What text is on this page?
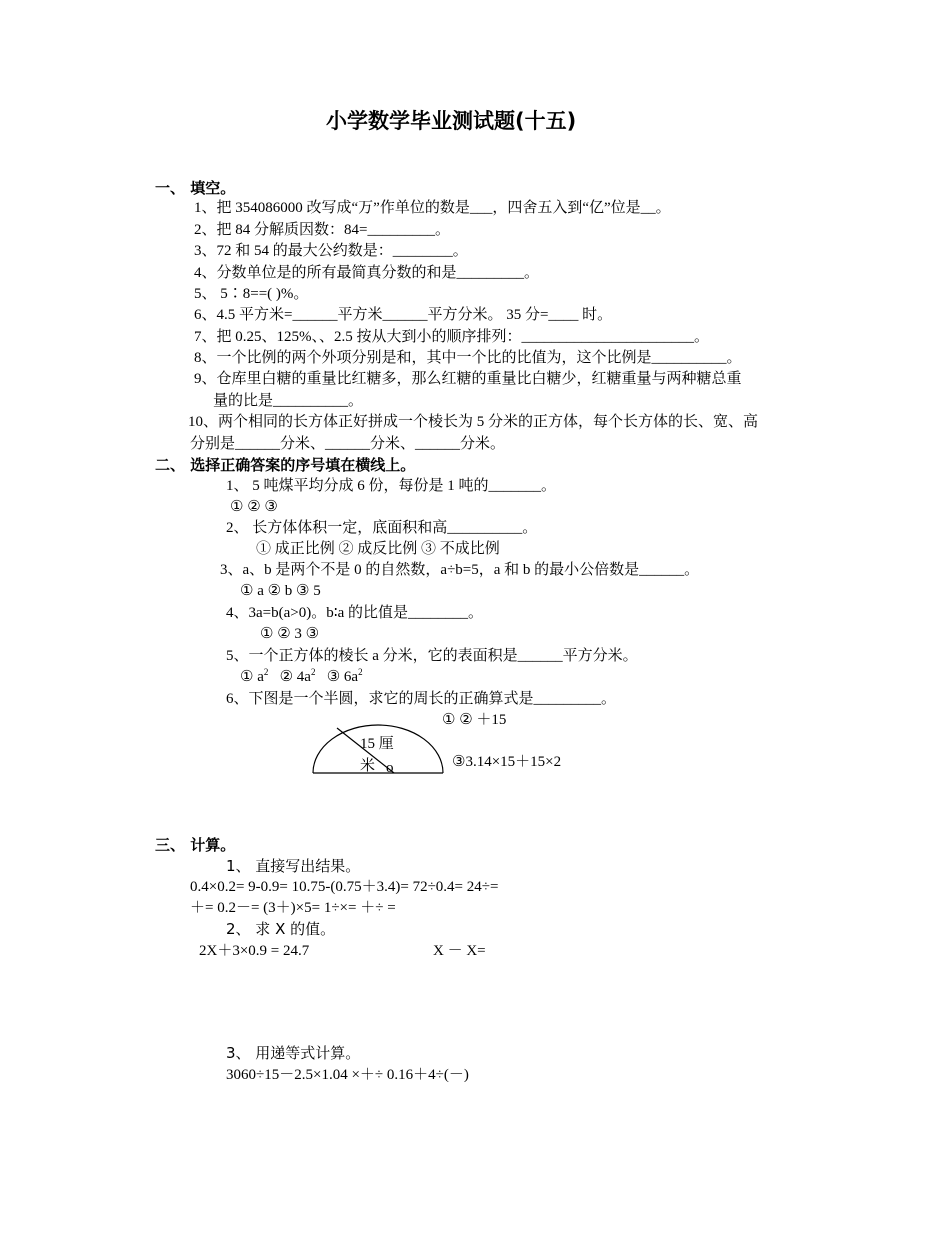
小学数学毕业测试题(十五)
一、 填空。
1、把 354086000 改写成“万”作单位的数是___，四舍五入到“亿”位是__。
2、把 84 分解质因数：84=_________。
3、72 和 54 的最大公约数是：________。
4、分数单位是的所有最简真分数的和是_________。
5、 5∶8==( )%。
6、4.5 平方米=______平方米______平方分米。 35 分=____ 时。
7、把 0.25、125%、、2.5 按从大到小的顺序排列：_______________________。
8、一个比例的两个外项分别是和，其中一个比的比值为，这个比例是__________。
9、仓库里白糖的重量比红糖多，那么红糖的重量比白糖少，红糖重量与两种糖总重
量的比是__________。
10、两个相同的长方体正好拼成一个棱长为 5 分米的正方体，每个长方体的长、宽、高
分别是______分米、______分米、______分米。
二、 选择正确答案的序号填在横线上。
1、 5 吨煤平均分成 6 份，每份是 1 吨的_______。
① ② ③
2、 长方体体积一定，底面积和高__________。
① 成正比例 ② 成反比例 ③ 不成比例
3、a、b 是两个不是 0 的自然数，a÷b=5，a 和 b 的最小公倍数是______。
① a ② b ③ 5
4、3a=b(a>0)。b∶a 的比值是________。
① ② 3 ③
5、一个正方体的棱长 a 分米，它的表面积是______平方分米。
① $a^2$ ② $4a^2$ ③ $6a^2$
6、下图是一个半圆，求它的周长的正确算式是_________。
15 厘
米 o
① ② ＋15
③3.14×15＋15×2
三、 计算。
1、 直接写出结果。
0.4×0.2= 9-0.9= 10.75-(0.75＋3.4)= 72÷0.4= 24÷=
＋= 0.2－= (3＋)×5= 1÷×= ＋÷ =
2、 求 X 的值。
2X＋3×0.9 = 24.7	X － X=
3、 用递等式计算。
3060÷15－2.5×1.04 ×＋÷ 0.16＋4÷(－)
